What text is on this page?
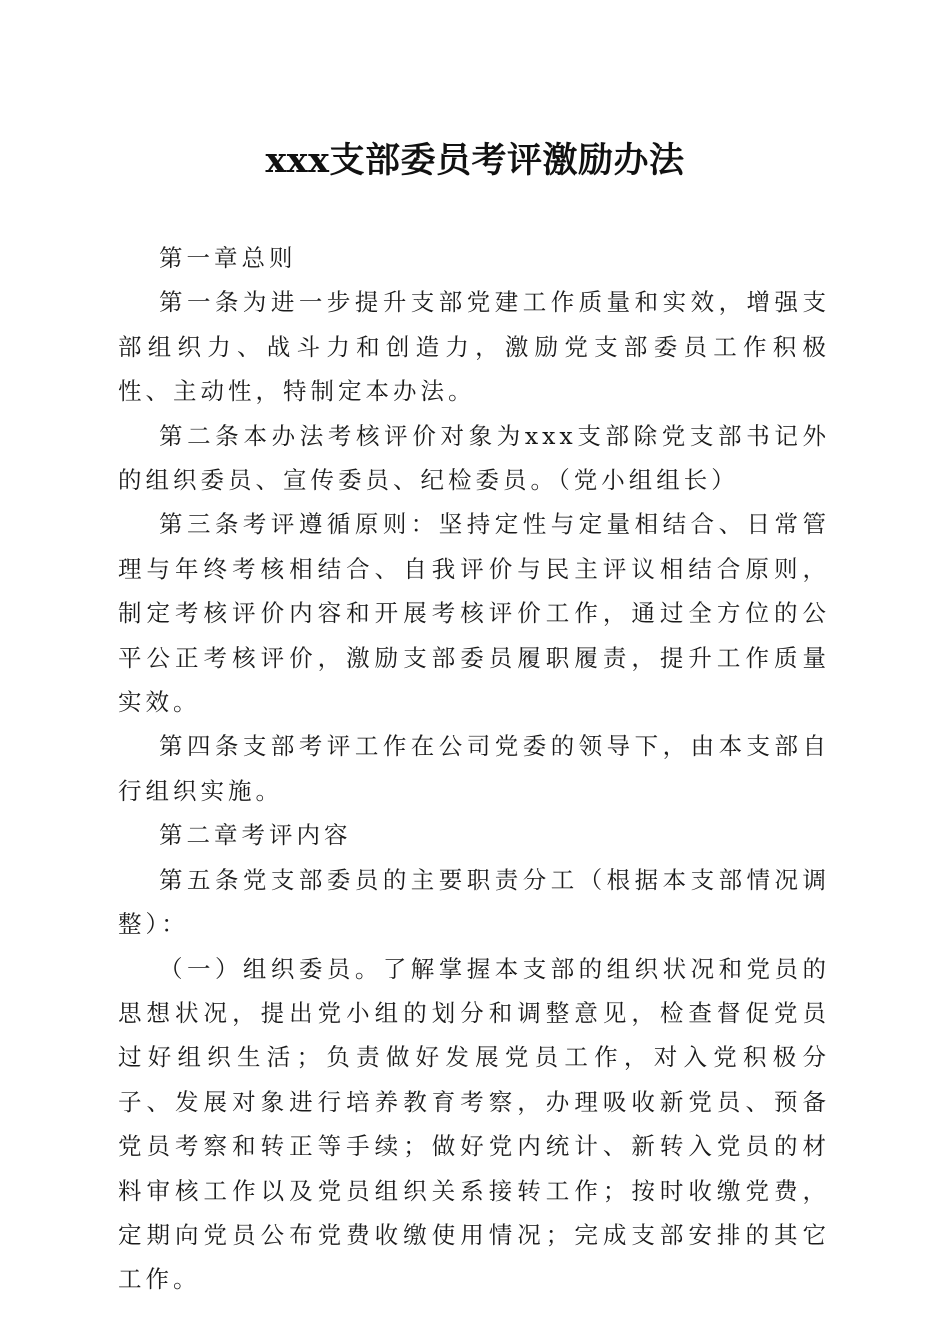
xxx支部委员考评激励办法

第一章总则

第一条为进一步提升支部党建工作质量和实效，增强支部组织力、战斗力和创造力，激励党支部委员工作积极性、主动性，特制定本办法。

第二条本办法考核评价对象为xxx支部除党支部书记外的组织委员、宣传委员、纪检委员。（党小组组长）

第三条考评遵循原则：坚持定性与定量相结合、日常管理与年终考核相结合、自我评价与民主评议相结合原则，制定考核评价内容和开展考核评价工作，通过全方位的公平公正考核评价，激励支部委员履职履责，提升工作质量实效。

第四条支部考评工作在公司党委的领导下，由本支部自行组织实施。

第二章考评内容

第五条党支部委员的主要职责分工（根据本支部情况调整）：

（一）组织委员。了解掌握本支部的组织状况和党员的思想状况，提出党小组的划分和调整意见，检查督促党员过好组织生活；负责做好发展党员工作，对入党积极分子、发展对象进行培养教育考察，办理吸收新党员、预备党员考察和转正等手续；做好党内统计、新转入党员的材料审核工作以及党员组织关系接转工作；按时收缴党费，定期向党员公布党费收缴使用情况；完成支部安排的其它工作。
